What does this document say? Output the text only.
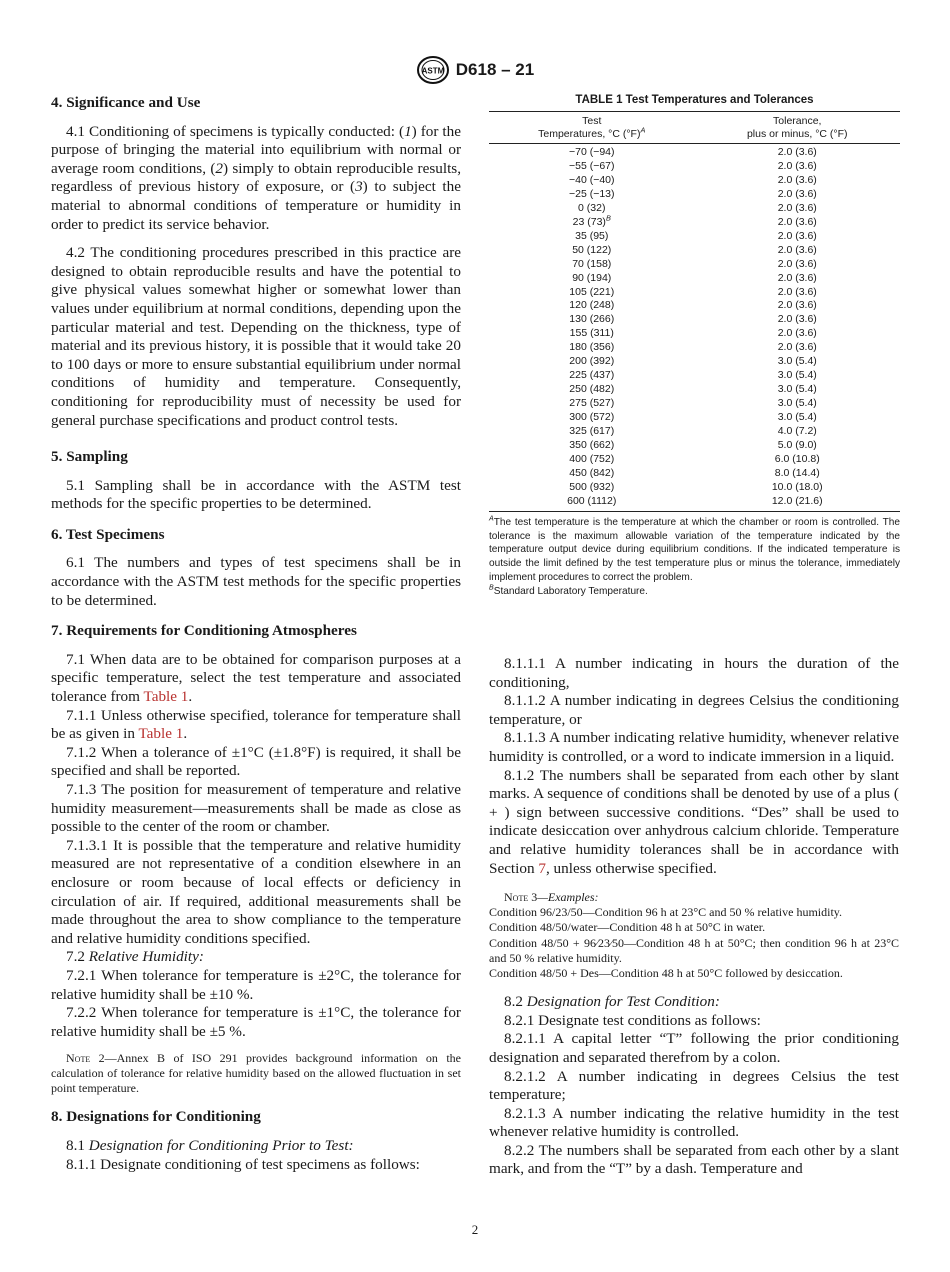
ASTM D618 – 21

4. Significance and Use

4.1 Conditioning of specimens is typically conducted: (1) for the purpose of bringing the material into equilibrium with normal or average room conditions, (2) simply to obtain reproducible results, regardless of previous history of exposure, or (3) to subject the material to abnormal conditions of temperature or humidity in order to predict its service behavior.

4.2 The conditioning procedures prescribed in this practice are designed to obtain reproducible results and have the potential to give physical values somewhat higher or somewhat lower than values under equilibrium at normal conditions, depending upon the particular material and test. Depending on the thickness, type of material and its previous history, it is possible that it would take 20 to 100 days or more to ensure substantial equilibrium under normal conditions of humidity and temperature. Consequently, conditioning for reproducibility must of necessity be used for general purchase specifications and product control tests.

5. Sampling

5.1 Sampling shall be in accordance with the ASTM test methods for the specific properties to be determined.

6. Test Specimens

6.1 The numbers and types of test specimens shall be in accordance with the ASTM test methods for the specific properties to be determined.

7. Requirements for Conditioning Atmospheres

7.1 When data are to be obtained for comparison purposes at a specific temperature, select the test temperature and associated tolerance from Table 1.

7.1.1 Unless otherwise specified, tolerance for temperature shall be as given in Table 1.

7.1.2 When a tolerance of ±1°C (±1.8°F) is required, it shall be specified and shall be reported.

7.1.3 The position for measurement of temperature and relative humidity measurement—measurements shall be made as close as possible to the center of the room or chamber.

7.1.3.1 It is possible that the temperature and relative humidity measured are not representative of a condition elsewhere in an enclosure or room because of local effects or deficiency in circulation of air. If required, additional measurements shall be made throughout the area to show compliance to the temperature and relative humidity conditions specified.

7.2 Relative Humidity:

7.2.1 When tolerance for temperature is ±2°C, the tolerance for relative humidity shall be ±10 %.

7.2.2 When tolerance for temperature is ±1°C, the tolerance for relative humidity shall be ±5 %.

Note 2—Annex B of ISO 291 provides background information on the calculation of tolerance for relative humidity based on the allowed fluctuation in set point temperature.

8. Designations for Conditioning

8.1 Designation for Conditioning Prior to Test:

8.1.1 Designate conditioning of test specimens as follows:

TABLE 1 Test Temperatures and Tolerances

Test
Temperatures, °C $(^\circ F)^A$	Tolerance,
plus or minus, °C (°F)
−70 (−94)	2.0 (3.6)
−55 (−67)	2.0 (3.6)
−40 (−40)	2.0 (3.6)
−25 (−13)	2.0 (3.6)
0 (32)	2.0 (3.6)
23 $(73)^B$	2.0 (3.6)
35 (95)	2.0 (3.6)
50 (122)	2.0 (3.6)
70 (158)	2.0 (3.6)
90 (194)	2.0 (3.6)
105 (221)	2.0 (3.6)
120 (248)	2.0 (3.6)
130 (266)	2.0 (3.6)
155 (311)	2.0 (3.6)
180 (356)	2.0 (3.6)
200 (392)	3.0 (5.4)
225 (437)	3.0 (5.4)
250 (482)	3.0 (5.4)
275 (527)	3.0 (5.4)
300 (572)	3.0 (5.4)
325 (617)	4.0 (7.2)
350 (662)	5.0 (9.0)
400 (752)	6.0 (10.8)
450 (842)	8.0 (14.4)
500 (932)	10.0 (18.0)
600 (1112)	12.0 (21.6)

$^A$The test temperature is the temperature at which the chamber or room is controlled. The tolerance is the maximum allowable variation of the temperature indicated by the temperature output device during equilibrium conditions. If the indicated temperature is outside the limit defined by the test temperature plus or minus the tolerance, immediately implement procedures to correct the problem.

$^B$Standard Laboratory Temperature.

8.1.1.1 A number indicating in hours the duration of the conditioning,

8.1.1.2 A number indicating in degrees Celsius the conditioning temperature, or

8.1.1.3 A number indicating relative humidity, whenever relative humidity is controlled, or a word to indicate immersion in a liquid.

8.1.2 The numbers shall be separated from each other by slant marks. A sequence of conditions shall be denoted by use of a plus ( + ) sign between successive conditions. “Des” shall be used to indicate desiccation over anhydrous calcium chloride. Temperature and relative humidity tolerances shall be in accordance with Section 7, unless otherwise specified.

Note 3—Examples:

Condition 96/23/50—Condition 96 h at 23°C and 50 % relative humidity.

Condition 48/50/water—Condition 48 h at 50°C in water.

Condition 48/50 + 96⁄23⁄50—Condition 48 h at 50°C; then condition 96 h at 23°C and 50 % relative humidity.

Condition 48/50 + Des—Condition 48 h at 50°C followed by desiccation.

8.2 Designation for Test Condition:

8.2.1 Designate test conditions as follows:

8.2.1.1 A capital letter “T” following the prior conditioning designation and separated therefrom by a colon.

8.2.1.2 A number indicating in degrees Celsius the test temperature;

8.2.1.3 A number indicating the relative humidity in the test whenever relative humidity is controlled.

8.2.2 The numbers shall be separated from each other by a slant mark, and from the “T” by a dash. Temperature and

2
